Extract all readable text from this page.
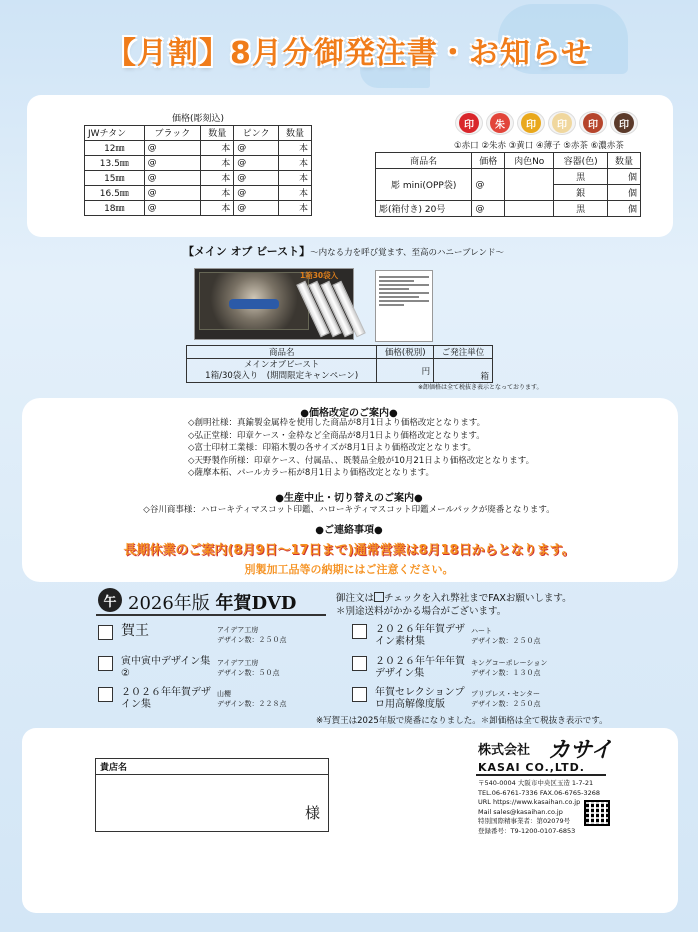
【月割】8月分御発注書・お知らせ
価格(彫刻込)				
JWチタン	ブラック	数量	ピンク	数量
12㎜	@	本	@	本
13.5㎜	@	本	@	本
15㎜	@	本	@	本
16.5㎜	@	本	@	本
18㎜	@	本	@	本
印	朱	印	印	印	印
①赤口 ②朱赤 ③黄口 ④薄子 ⑤赤茶 ⑥濃赤茶
商品名	価格	肉色No	容器(色)	数量
彫 mini(OPP袋)	@		黒	個
			銀	個
彫(箱付き) 20号	@		黒	個
【メイン オブ ビースト】～内なる力を呼び覚ます、至高のハニーブレンド～
1箱30袋入
商品名	価格(税別)	ご発注単位

メインオブビースト
1箱/30袋入り　(期間限定キャンペーン)	円	箱
※卸価格は全て税抜き表示となっております。
●価格改定のご案内●
◇創明社様：真鍮製金属枠を使用した商品が8月1日より価格改定となります。
◇弘正堂様：印章ケース・金枠など全商品が8月1日より価格改定となります。
◇富士印材工業様：印箱木製の各サイズが8月1日より価格改定となります。
◇天野製作所様：印章ケース、付属品、、既製品全般が10月21日より価格改定となります。
◇薩摩本柘、パールカラー柘が8月1日より価格改定となります。
●生産中止・切り替えのご案内●
◇谷川商事様：ハローキティマスコット印鑑、ハローキティマスコット印鑑メールパックが廃番となります。
●ご連絡事項●
長期休業のご案内(8月9日～17日まで)通常営業は8月18日からとなります。
別製加工品等の納期にはご注意ください。
午 2026年版 年賀DVD	御注文は チェックを入れ弊社までFAXお願いします。
＊別途送料がかかる場合がございます。
賀王	アイデア工房
デザイン数：２５０点
寅中寅中デザイン集②
アイデア工房
デザイン数：５０点
２０２６年年賀デザイン集
山櫻
デザイン数：２２８点
２０２６年年賀デザイン素材集
ハート
デザイン数：２５０点
２０２６年午年年賀デザイン集
キングコーポレーション
デザイン数：１３０点
年賀セレクションプロ用高解像度版
プリプレス・センター
デザイン数：２５０点
※写賀王は2025年版で廃番になりました。＊卸価格は全て税抜き表示です。
貴店名
様
株式会社 カサイ
KASAI CO.,LTD.
〒540-0004 大阪市中央区玉造 1-7-21
TEL.06-6761-7336 FAX.06-6765-3268
URL https://www.kasaihan.co.jp
Mail sales@kasaihan.co.jp
特別国際精事業者：第02079号
登録番号：T9-1200-0107-6853
